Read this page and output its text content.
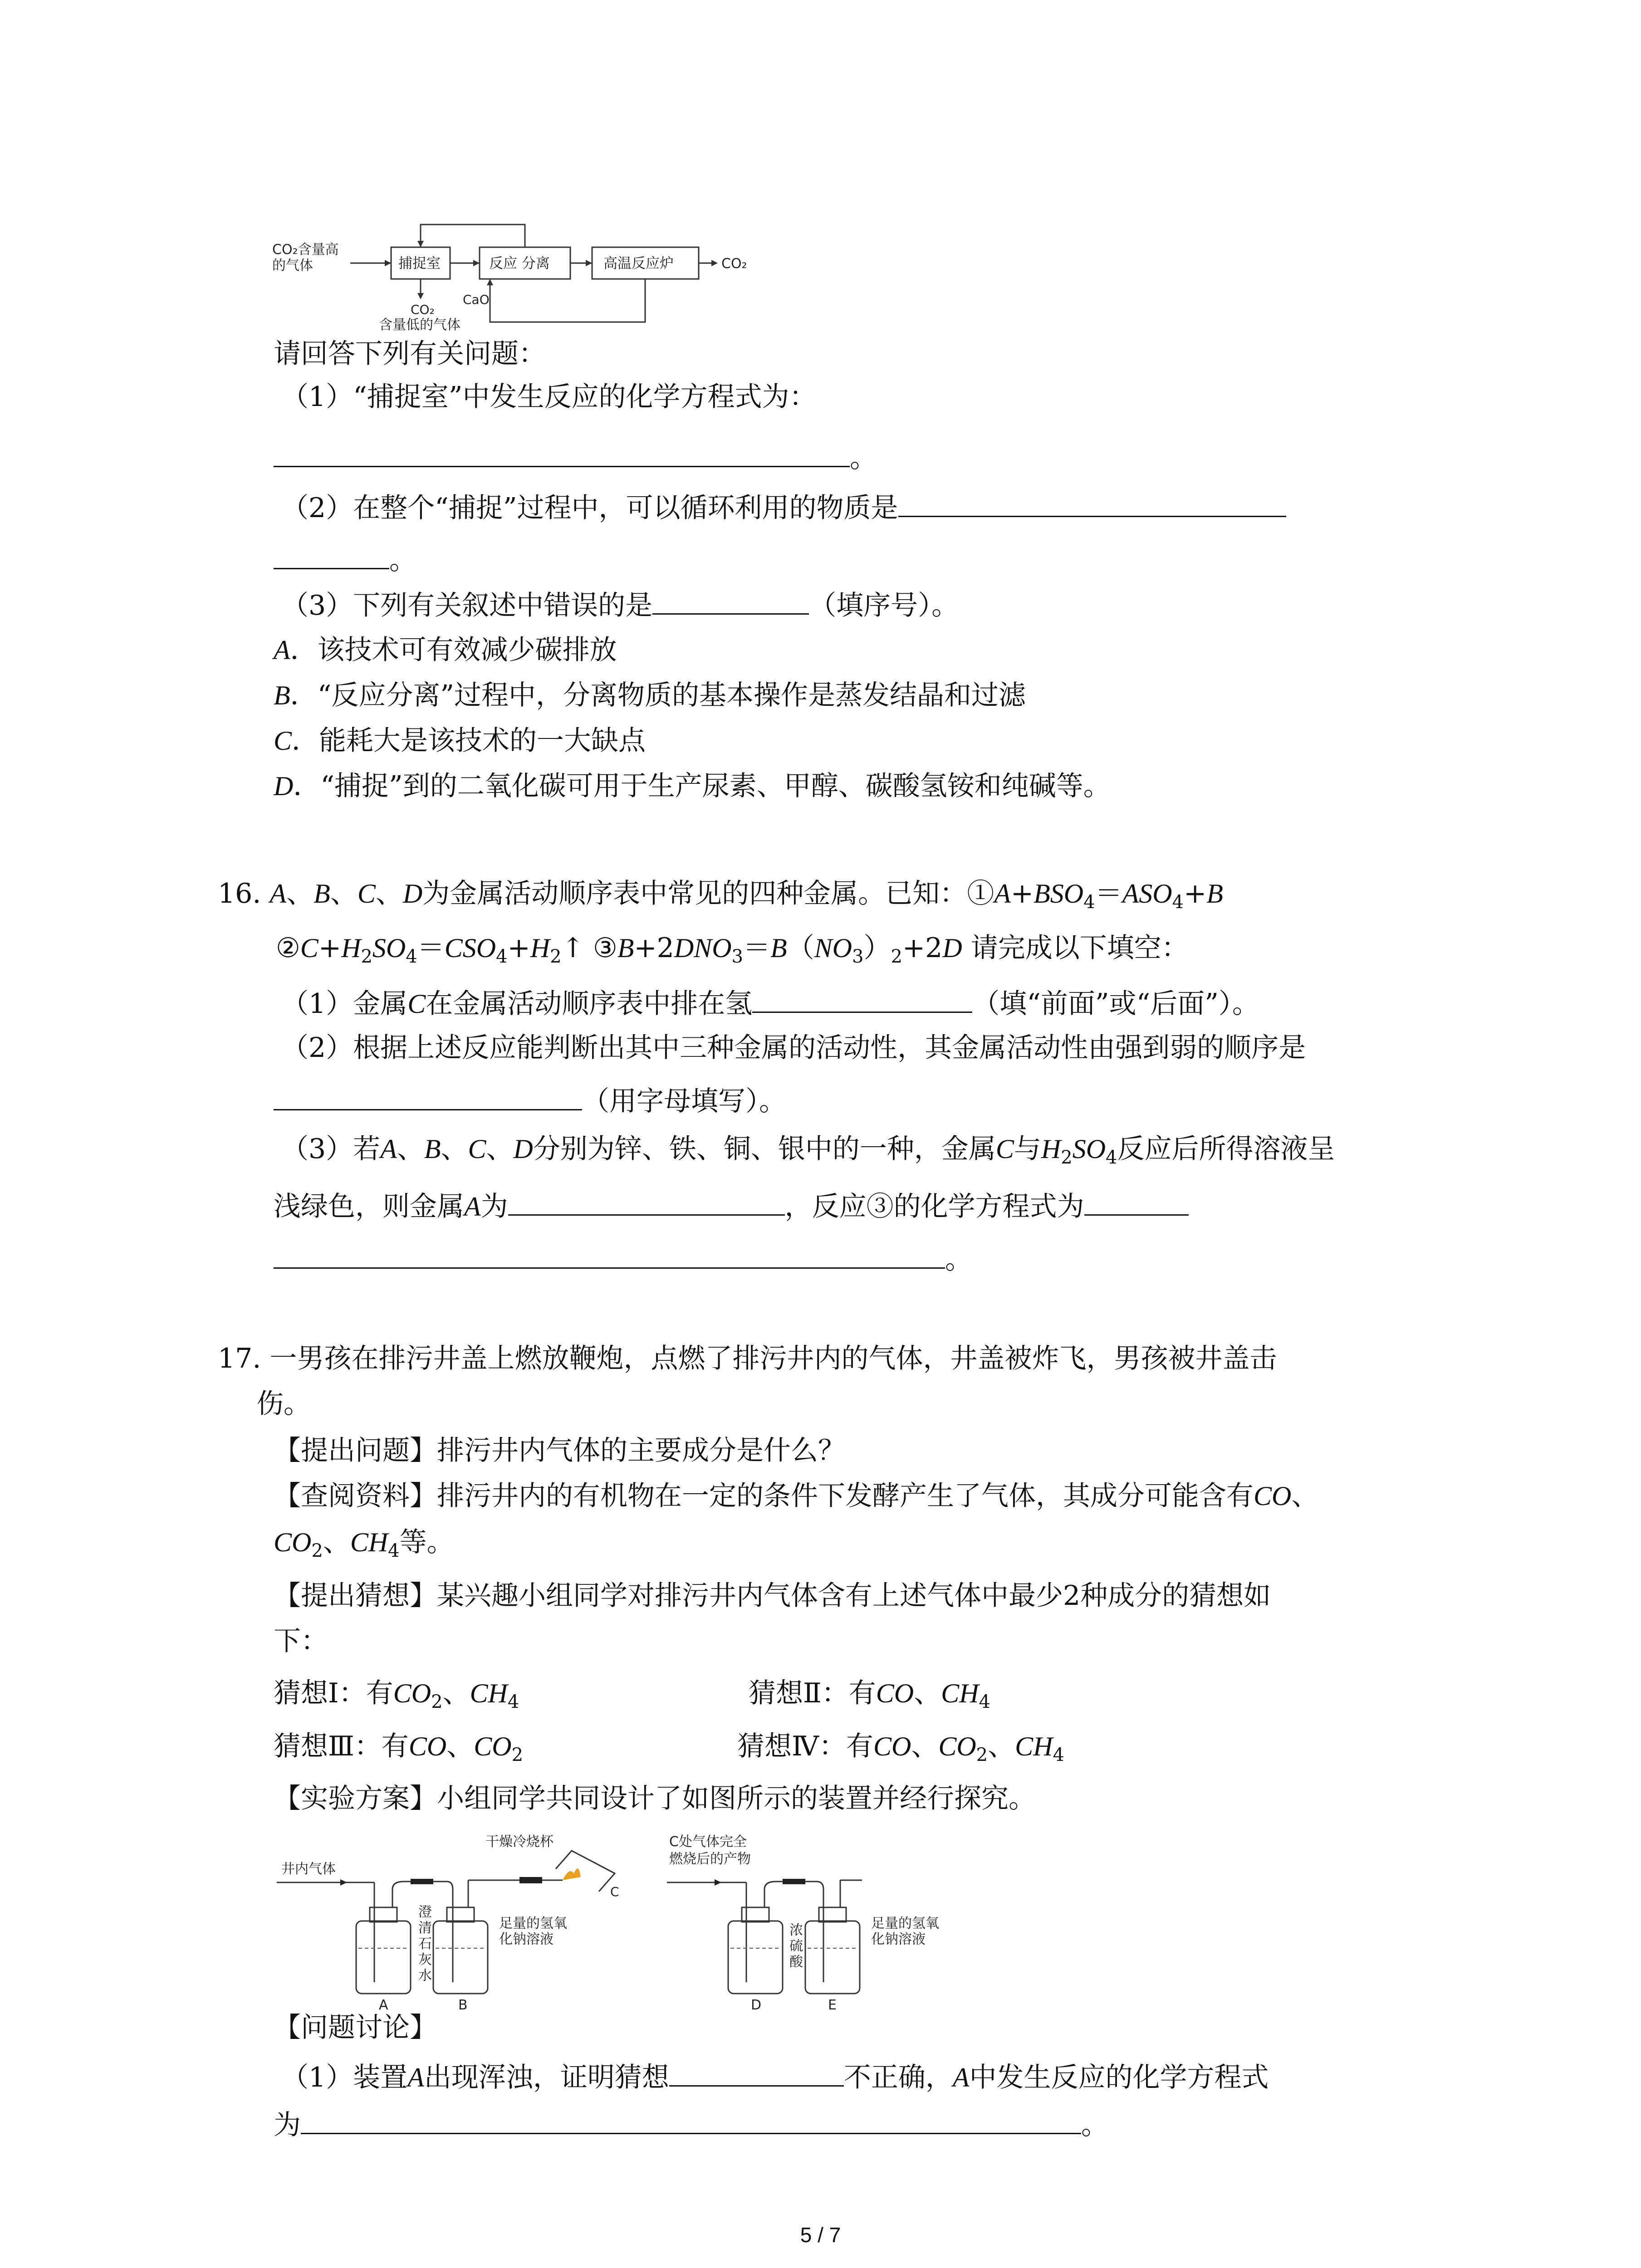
CO₂含量高
的气体	捕捉室	反应 分离	高温反应炉	CO₂
CaO
CO₂
含量低的气体
请回答下列有关问题：
（1）“捕捉室”中发生反应的化学方程式为：
。
（2）在整个“捕捉”过程中，可以循环利用的物质是
。
（3）下列有关叙述中错误的是	（填序号）。
A．该技术可有效减少碳排放
B．“反应分离”过程中，分离物质的基本操作是蒸发结晶和过滤
C．能耗大是该技术的一大缺点
D．“捕捉”到的二氧化碳可用于生产尿素、甲醇、碳酸氢铵和纯碱等。
16. A、B、C、D为金属活动顺序表中常见的四种金属。已知：$①A+BSO_4=ASO_4+B$
$②C+H_2SO_4=CSO_4+H_2↑$ $③B+2DNO_3=B(NO_3)_2+2D$ 请完成以下填空：
（1）金属C在金属活动顺序表中排在氢	（填“前面”或“后面”）。
（2）根据上述反应能判断出其中三种金属的活动性，其金属活动性由强到弱的顺序是
（用字母填写）。
（3）若A、B、C、D分别为锌、铁、铜、银中的一种，金属C与$H_2SO_4$反应后所得溶液呈
浅绿色，则金属A为	，反应③的化学方程式为
。
17. 一男孩在排污井盖上燃放鞭炮，点燃了排污井内的气体，井盖被炸飞，男孩被井盖击
伤。
【提出问题】排污井内气体的主要成分是什么？
【查阅资料】排污井内的有机物在一定的条件下发酵产生了气体，其成分可能含有CO、
$CO_2$、$CH_4$等。
【提出猜想】某兴趣小组同学对排污井内气体含有上述气体中最少2种成分的猜想如
下：
猜想Ⅰ：有$CO_2$、$CH_4$	猜想Ⅱ：有CO、$CH_4$
猜想Ⅲ：有CO、$CO_2$	猜想Ⅳ：有CO、$CO_2$、$CH_4$
【实验方案】小组同学共同设计了如图所示的装置并经行探究。
井内气体
干燥冷烧杯
C
澄
清
石
灰
水
足量的氢氧
化钠溶液
A	B
C处气体完全
燃烧后的产物
浓
硫
酸
足量的氢氧
化钠溶液
D	E
【问题讨论】
（1）装置A出现浑浊，证明猜想	不正确，A中发生反应的化学方程式
为	。
5 / 7
